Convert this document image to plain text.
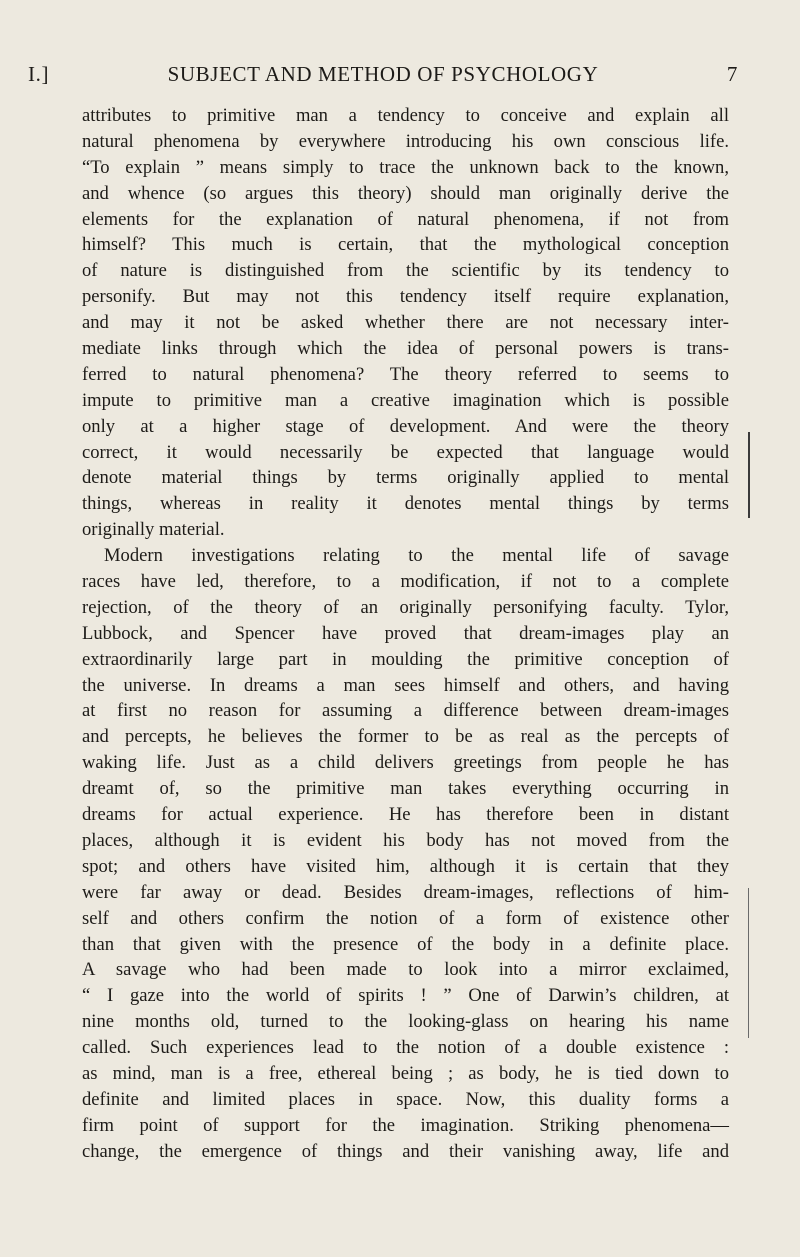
I.]	SUBJECT AND METHOD OF PSYCHOLOGY	7
attributes to primitive man a tendency to conceive and explain all
natural phenomena by everywhere introducing his own conscious life.
“To explain ” means simply to trace the unknown back to the known,
and whence (so argues this theory) should man originally derive the
elements for the explanation of natural phenomena, if not from
himself? This much is certain, that the mythological conception
of nature is distinguished from the scientific by its tendency to
personify. But may not this tendency itself require explanation,
and may it not be asked whether there are not necessary inter-
mediate links through which the idea of personal powers is trans-
ferred to natural phenomena? The theory referred to seems to
impute to primitive man a creative imagination which is possible
only at a higher stage of development. And were the theory
correct, it would necessarily be expected that language would
denote material things by terms originally applied to mental
things, whereas in reality it denotes mental things by terms
originally material.
Modern investigations relating to the mental life of savage
races have led, therefore, to a modification, if not to a complete
rejection, of the theory of an originally personifying faculty. Tylor,
Lubbock, and Spencer have proved that dream-images play an
extraordinarily large part in moulding the primitive conception of
the universe. In dreams a man sees himself and others, and having
at first no reason for assuming a difference between dream-images
and percepts, he believes the former to be as real as the percepts of
waking life. Just as a child delivers greetings from people he has
dreamt of, so the primitive man takes everything occurring in
dreams for actual experience. He has therefore been in distant
places, although it is evident his body has not moved from the
spot; and others have visited him, although it is certain that they
were far away or dead. Besides dream-images, reflections of him-
self and others confirm the notion of a form of existence other
than that given with the presence of the body in a definite place.
A savage who had been made to look into a mirror exclaimed,
“ I gaze into the world of spirits ! ” One of Darwin’s children, at
nine months old, turned to the looking-glass on hearing his name
called. Such experiences lead to the notion of a double existence :
as mind, man is a free, ethereal being ; as body, he is tied down to
definite and limited places in space. Now, this duality forms a
firm point of support for the imagination. Striking phenomena—
change, the emergence of things and their vanishing away, life and
